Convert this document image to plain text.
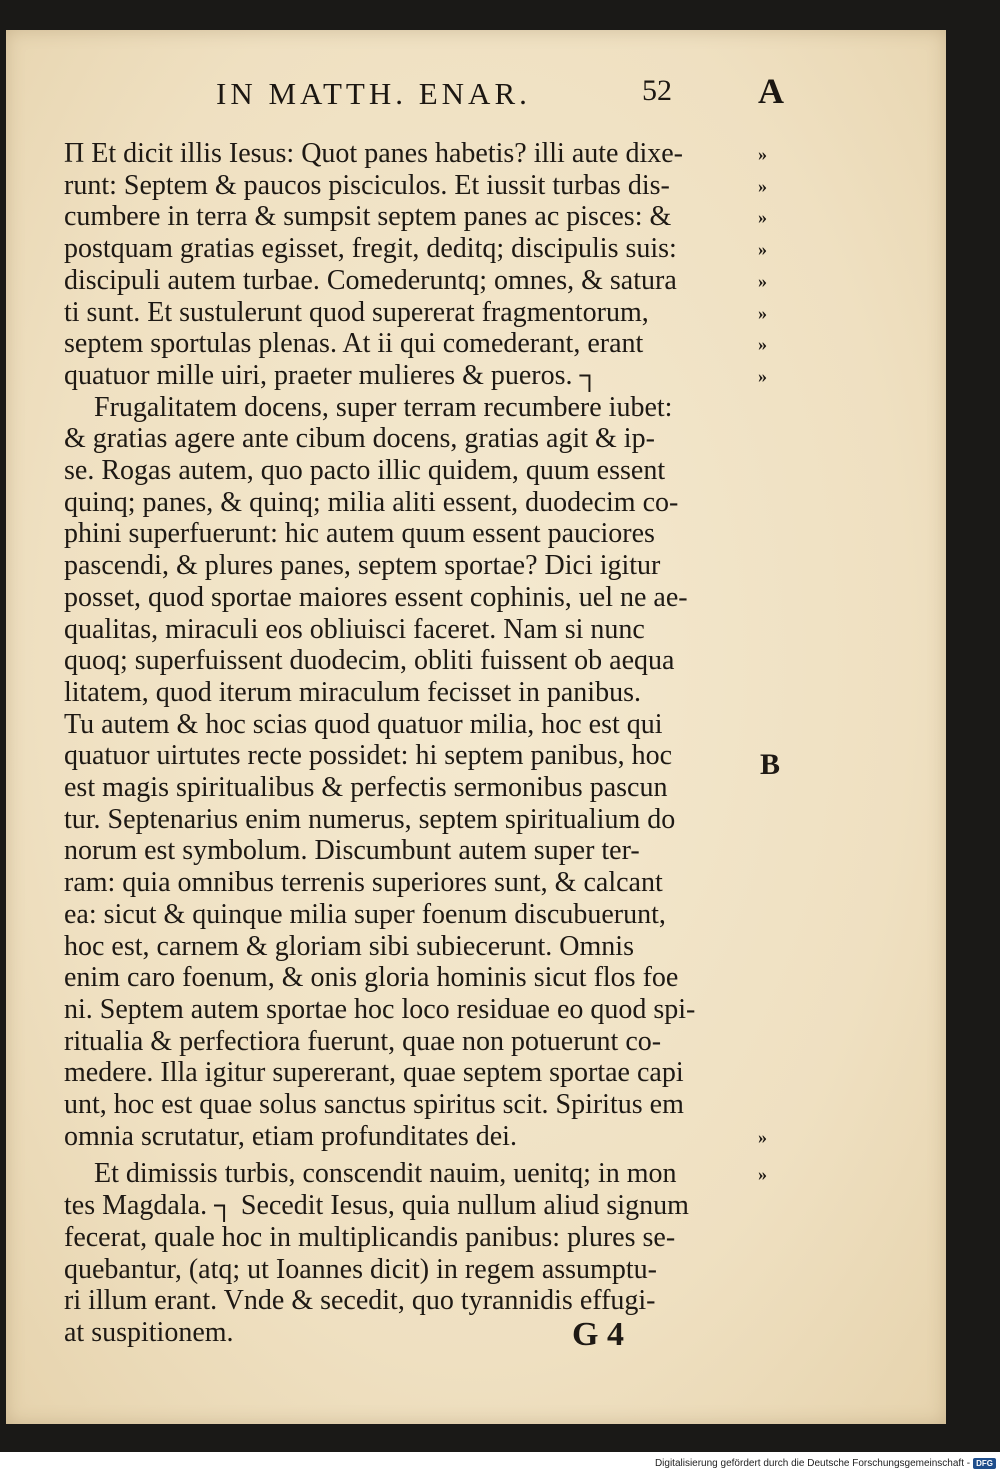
IN MATTH. ENAR.	52 A
Π Et dicit illis Iesus: Quot panes habetis? illi aute dixe-	»
runt: Septem & paucos pisciculos. Et iussit turbas dis-	»
cumbere in terra & sumpsit septem panes ac pisces: &	»
postquam gratias egisset, fregit, deditq; discipulis suis:	»
discipuli autem turbae. Comederuntq; omnes, & satura	»
ti sunt. Et sustulerunt quod supererat fragmentorum,	»
septem sportulas plenas. At ii qui comederant, erant	»
quatuor mille uiri, praeter mulieres & pueros. ┐	»
Frugalitatem docens, super terram recumbere iubet:
& gratias agere ante cibum docens, gratias agit & ip-
se. Rogas autem, quo pacto illic quidem, quum essent
quinq; panes, & quinq; milia aliti essent, duodecim co-
phini superfuerunt: hic autem quum essent pauciores
pascendi, & plures panes, septem sportae? Dici igitur
posset, quod sportae maiores essent cophinis, uel ne ae-
qualitas, miraculi eos obliuisci faceret. Nam si nunc
quoq; superfuissent duodecim, obliti fuissent ob aequa
litatem, quod iterum miraculum fecisset in panibus.
Tu autem & hoc scias quod quatuor milia, hoc est qui
quatuor uirtutes recte possidet: hi septem panibus, hoc
est magis spiritualibus & perfectis sermonibus pascun
tur. Septenarius enim numerus, septem spiritualium do
norum est symbolum. Discumbunt autem super ter-
ram: quia omnibus terrenis superiores sunt, & calcant
ea: sicut & quinque milia super foenum discubuerunt,
hoc est, carnem & gloriam sibi subiecerunt. Omnis
enim caro foenum, & onis gloria hominis sicut flos foe
ni. Septem autem sportae hoc loco residuae eo quod spi-
ritualia & perfectiora fuerunt, quae non potuerunt co-
medere. Illa igitur supererant, quae septem sportae capi
unt, hoc est quae solus sanctus spiritus scit. Spiritus em
omnia scrutatur, etiam profunditates dei.	»
Et dimissis turbis, conscendit nauim, uenitq; in mon	»
tes Magdala. ┐ Secedit Iesus, quia nullum aliud signum
fecerat, quale hoc in multiplicandis panibus: plures se-
quebantur, (atq; ut Ioannes dicit) in regem assumptu-
ri illum erant. Vnde & secedit, quo tyrannidis effugi-
at suspitionem.
B
G 4
Digitalisierung gefördert durch die Deutsche Forschungsgemeinschaft - DFG
